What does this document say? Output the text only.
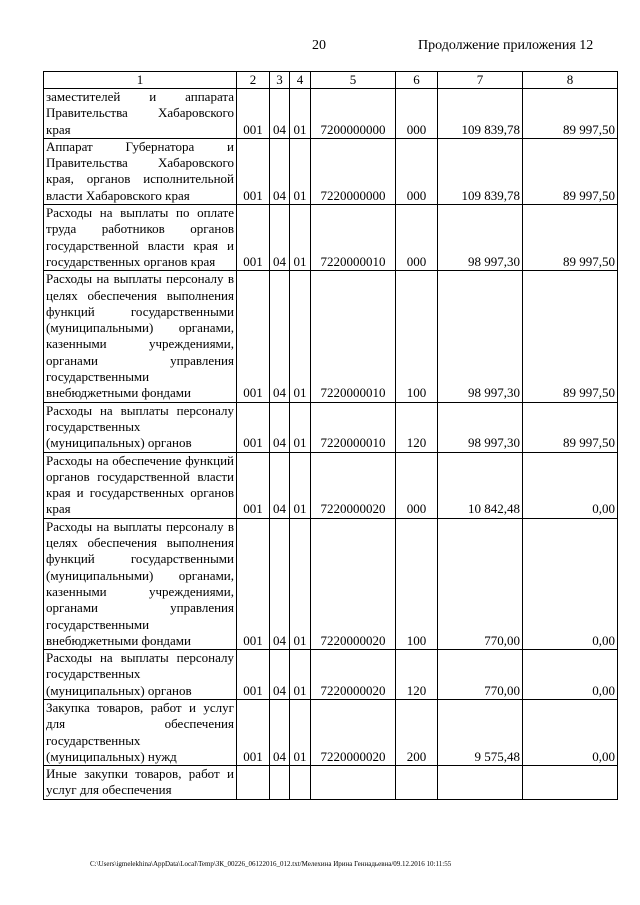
20	Продолжение приложения 12
1	2	3	4	5	6	7	8
заместителей и аппарата Правительства Хабаровского края	001	04	01	7200000000	000	109 839,78	89 997,50
Аппарат Губернатора и Правительства Хабаровского края, органов исполнительной власти Хабаровского края	001	04	01	7220000000	000	109 839,78	89 997,50
Расходы на выплаты по оплате труда работников органов государственной власти края и государственных органов края	001	04	01	7220000010	000	98 997,30	89 997,50
Расходы на выплаты персоналу в целях обеспечения выполнения функций государственными (муниципальными) органами, казенными учреждениями, органами управления государственными внебюджетными фондами	001	04	01	7220000010	100	98 997,30	89 997,50
Расходы на выплаты персоналу государственных (муниципальных) органов	001	04	01	7220000010	120	98 997,30	89 997,50
Расходы на обеспечение функций органов государственной власти края и государственных органов края	001	04	01	7220000020	000	10 842,48	0,00
Расходы на выплаты персоналу в целях обеспечения выполнения функций государственными (муниципальными) органами, казенными учреждениями, органами управления государственными внебюджетными фондами	001	04	01	7220000020	100	770,00	0,00
Расходы на выплаты персоналу государственных (муниципальных) органов	001	04	01	7220000020	120	770,00	0,00
Закупка товаров, работ и услуг для обеспечения государственных (муниципальных) нужд	001	04	01	7220000020	200	9 575,48	0,00
Иные закупки товаров, работ и услуг для обеспечения							
C:\Users\igmelekhina\AppData\Local\Temp\ЗК_00226_06122016_012.txt/Мелехина Ирина Геннадьевна/09.12.2016 10:11:55
